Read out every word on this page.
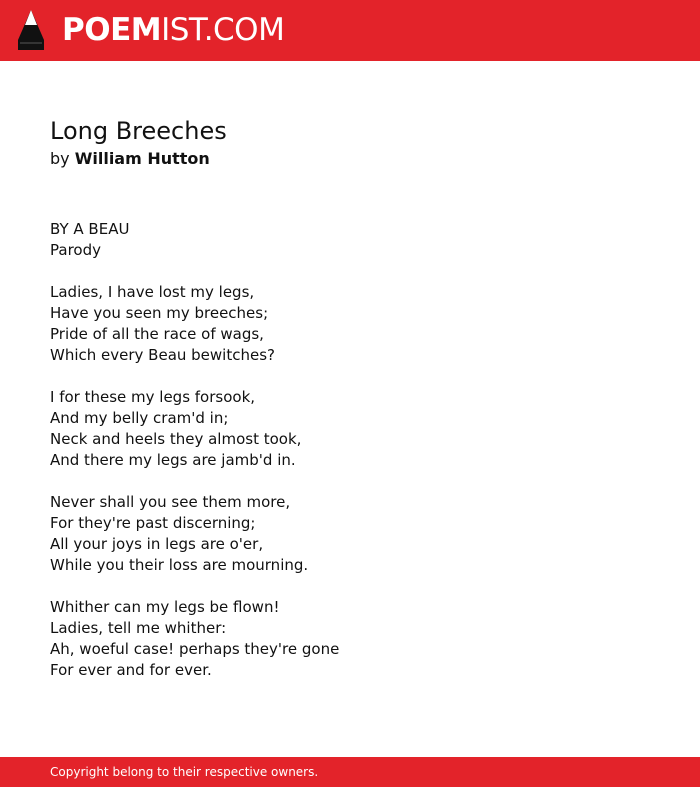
POEMIST.COM
Long Breeches
by William Hutton
BY A BEAU
Parody
Ladies, I have lost my legs,
Have you seen my breeches;
Pride of all the race of wags,
Which every Beau bewitches?
I for these my legs forsook,
And my belly cram'd in;
Neck and heels they almost took,
And there my legs are jamb'd in.
Never shall you see them more,
For they're past discerning;
All your joys in legs are o'er,
While you their loss are mourning.
Whither can my legs be flown!
Ladies, tell me whither:
Ah, woeful case! perhaps they're gone
For ever and for ever.
Copyright belong to their respective owners.
